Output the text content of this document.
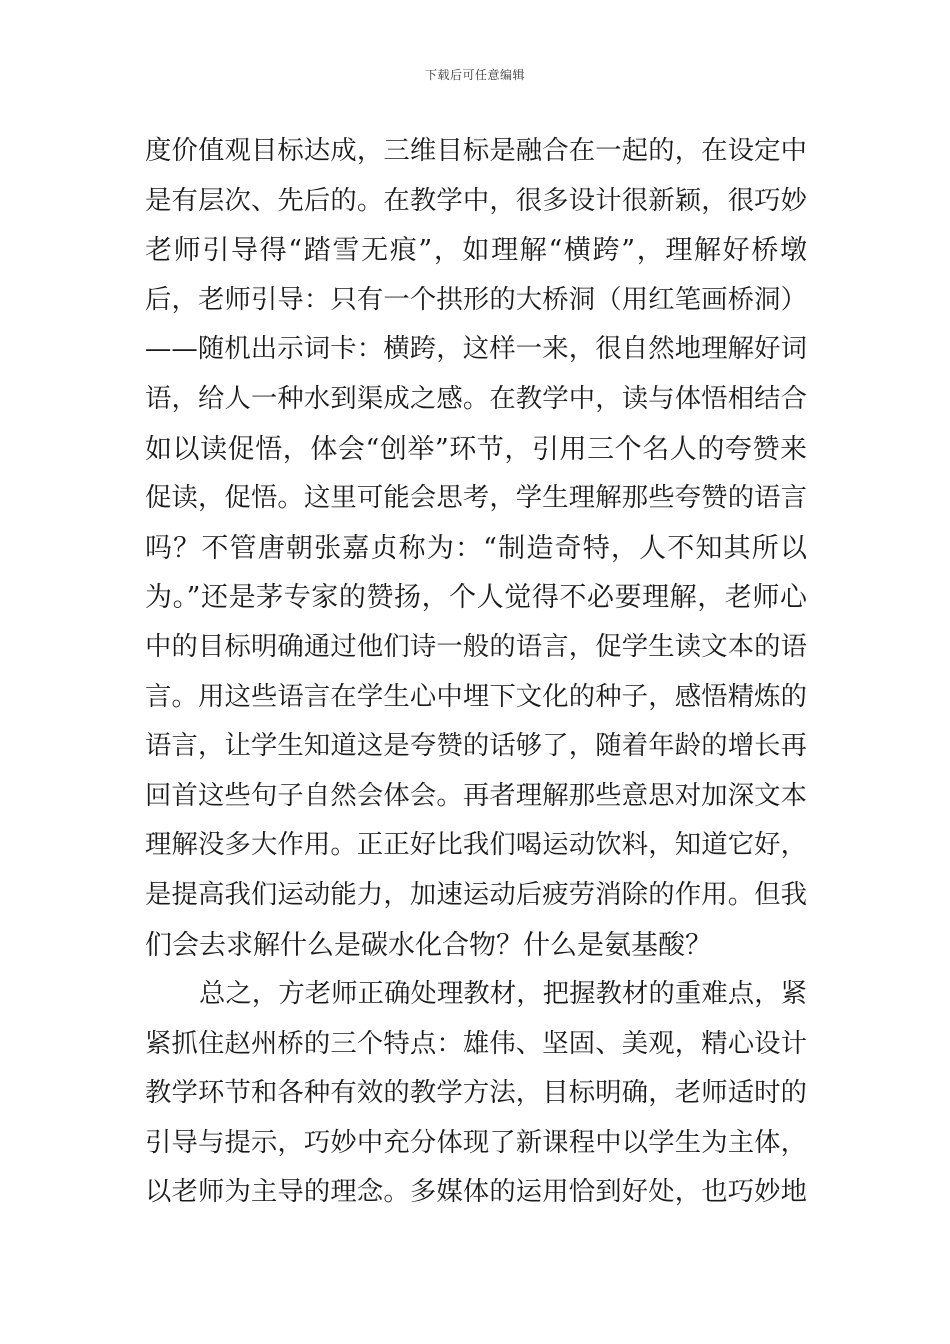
下载后可任意编辑
度价值观目标达成，三维目标是融合在一起的，在设定中
是有层次、先后的。在教学中，很多设计很新颖，很巧妙
老师引导得“踏雪无痕”，如理解“横跨”，理解好桥墩
后，老师引导：只有一个拱形的大桥洞（用红笔画桥洞）
——随机出示词卡：横跨，这样一来，很自然地理解好词
语，给人一种水到渠成之感。在教学中，读与体悟相结合
如以读促悟，体会“创举”环节，引用三个名人的夸赞来
促读，促悟。这里可能会思考，学生理解那些夸赞的语言
吗？不管唐朝张嘉贞称为：“制造奇特，人不知其所以
为。”还是茅专家的赞扬，个人觉得不必要理解，老师心
中的目标明确通过他们诗一般的语言，促学生读文本的语
言。用这些语言在学生心中埋下文化的种子，感悟精炼的
语言，让学生知道这是夸赞的话够了，随着年龄的增长再
回首这些句子自然会体会。再者理解那些意思对加深文本
理解没多大作用。正正好比我们喝运动饮料，知道它好，
是提高我们运动能力，加速运动后疲劳消除的作用。但我
们会去求解什么是碳水化合物？什么是氨基酸？
总之，方老师正确处理教材，把握教材的重难点，紧
紧抓住赵州桥的三个特点：雄伟、坚固、美观，精心设计
教学环节和各种有效的教学方法，目标明确，老师适时的
引导与提示，巧妙中充分体现了新课程中以学生为主体，
以老师为主导的理念。多媒体的运用恰到好处，也巧妙地
